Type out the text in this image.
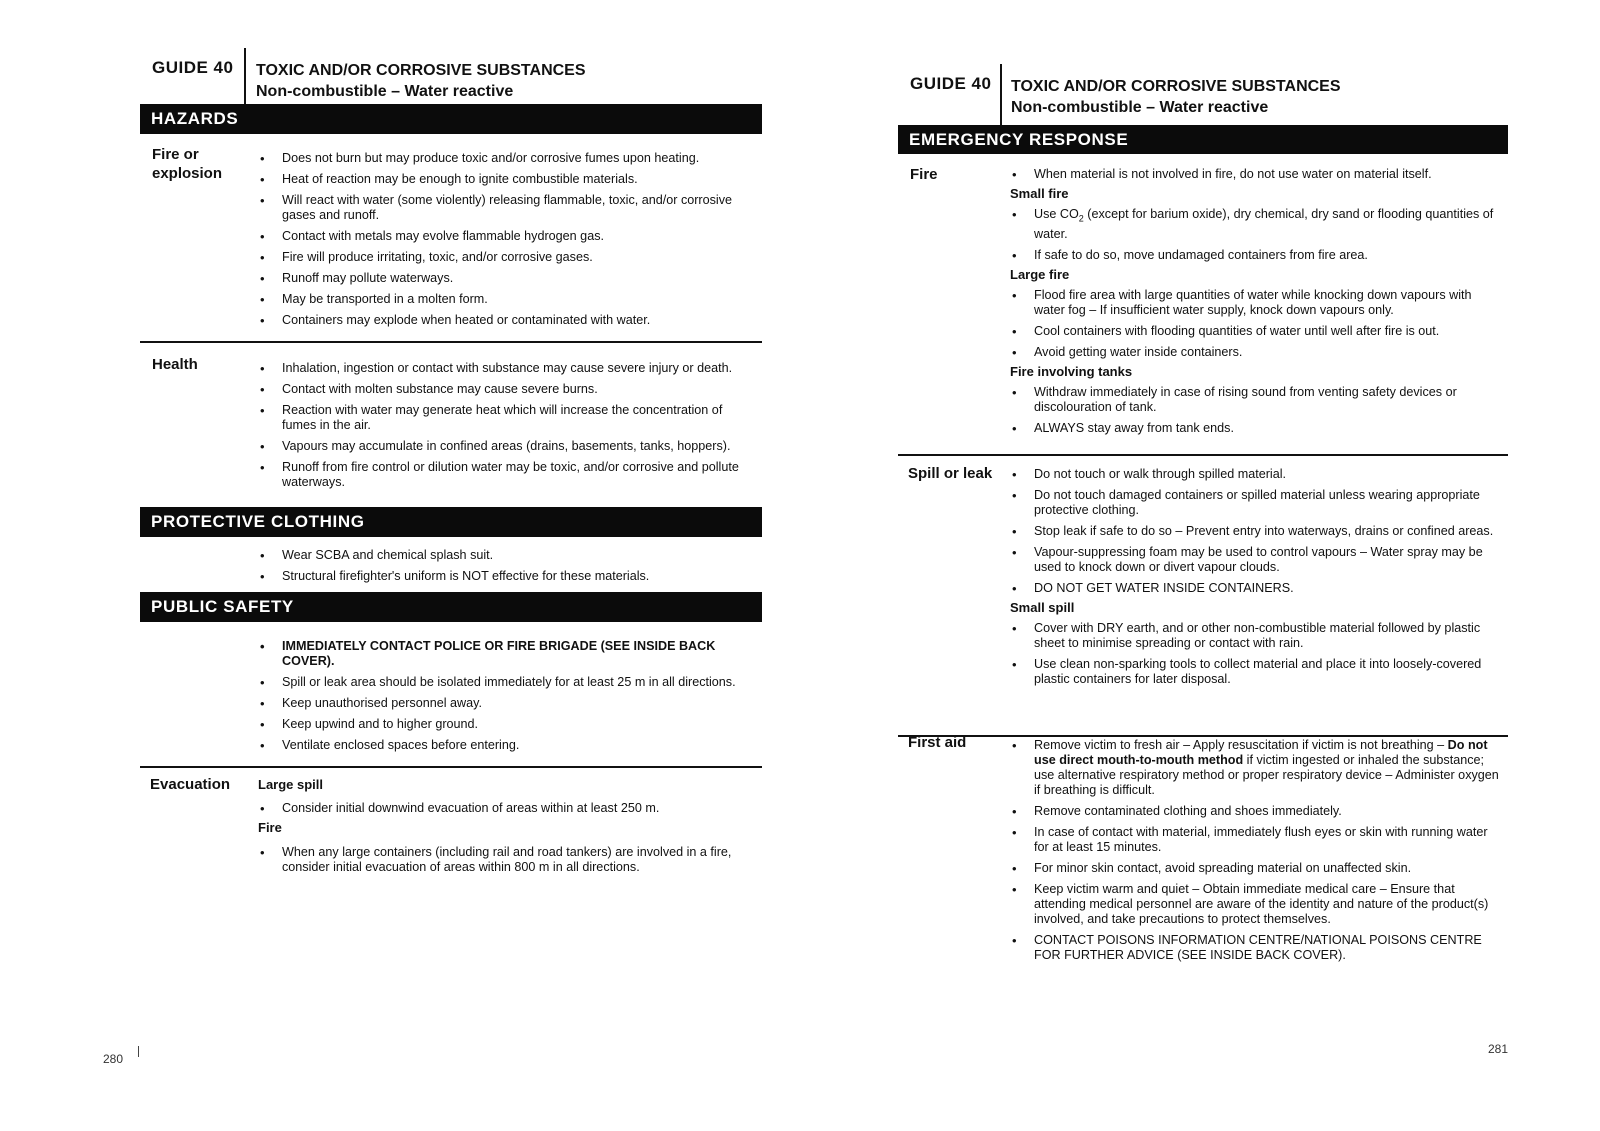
GUIDE 40 TOXIC AND/OR CORROSIVE SUBSTANCES
Non-combustible – Water reactive
HAZARDS
Fire or
explosion
• Does not burn but may produce toxic and/or corrosive fumes upon heating.
• Heat of reaction may be enough to ignite combustible materials.
• Will react with water (some violently) releasing flammable, toxic, and/or corrosive gases and runoff.
• Contact with metals may evolve flammable hydrogen gas.
• Fire will produce irritating, toxic, and/or corrosive gases.
• Runoff may pollute waterways.
• May be transported in a molten form.
• Containers may explode when heated or contaminated with water.
Health	• Inhalation, ingestion or contact with substance may cause severe injury or death.
• Contact with molten substance may cause severe burns.
• Reaction with water may generate heat which will increase the concentration of fumes in the air.
• Vapours may accumulate in confined areas (drains, basements, tanks, hoppers).
• Runoff from fire control or dilution water may be toxic, and/or corrosive and pollute waterways.
PROTECTIVE CLOTHING
• Wear SCBA and chemical splash suit.
• Structural firefighter's uniform is NOT effective for these materials.
PUBLIC SAFETY
• IMMEDIATELY CONTACT POLICE OR FIRE BRIGADE (SEE INSIDE BACK COVER).
• Spill or leak area should be isolated immediately for at least 25 m in all directions.
• Keep unauthorised personnel away.
• Keep upwind and to higher ground.
• Ventilate enclosed spaces before entering.
Evacuation Large spill
• Consider initial downwind evacuation of areas within at least 250 m.
Fire
• When any large containers (including rail and road tankers) are involved in a fire, consider initial evacuation of areas within 800 m in all directions.
280
GUIDE 40 TOXIC AND/OR CORROSIVE SUBSTANCES
Non-combustible – Water reactive
EMERGENCY RESPONSE
Fire	• When material is not involved in fire, do not use water on material itself.
Small fire
• Use $CO_2$ (except for barium oxide), dry chemical, dry sand or flooding quantities of water.
• If safe to do so, move undamaged containers from fire area.
Large fire
• Flood fire area with large quantities of water while knocking down vapours with water fog – If insufficient water supply, knock down vapours only.
• Cool containers with flooding quantities of water until well after fire is out.
• Avoid getting water inside containers.
Fire involving tanks
• Withdraw immediately in case of rising sound from venting safety devices or discolouration of tank.
• ALWAYS stay away from tank ends.
Spill or leak	• Do not touch or walk through spilled material.
• Do not touch damaged containers or spilled material unless wearing appropriate protective clothing.
• Stop leak if safe to do so – Prevent entry into waterways, drains or confined areas.
• Vapour-suppressing foam may be used to control vapours – Water spray may be used to knock down or divert vapour clouds.
• DO NOT GET WATER INSIDE CONTAINERS.
Small spill
• Cover with DRY earth, and or other non-combustible material followed by plastic sheet to minimise spreading or contact with rain.
• Use clean non-sparking tools to collect material and place it into loosely-covered plastic containers for later disposal.
First aid	• Remove victim to fresh air – Apply resuscitation if victim is not breathing – Do not use direct mouth-to-mouth method if victim ingested or inhaled the substance; use alternative respiratory method or proper respiratory device – Administer oxygen if breathing is difficult.
• Remove contaminated clothing and shoes immediately.
• In case of contact with material, immediately flush eyes or skin with running water for at least 15 minutes.
• For minor skin contact, avoid spreading material on unaffected skin.
• Keep victim warm and quiet – Obtain immediate medical care – Ensure that attending medical personnel are aware of the identity and nature of the product(s) involved, and take precautions to protect themselves.
• CONTACT POISONS INFORMATION CENTRE/NATIONAL POISONS CENTRE FOR FURTHER ADVICE (SEE INSIDE BACK COVER).
281
